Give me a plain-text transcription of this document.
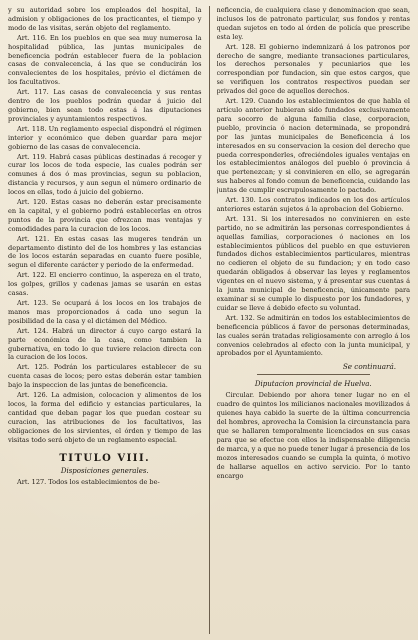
y su autoridad sobre los empleados del hospital, la admision y obligaciones de los practicantes, el tiempo y modo de las visitas, serán objeto del reglamento.

Art. 116. En los pueblos en que sea muy numerosa la hospitalidad pública, las juntas municipales de beneficencia podrán establecer fuera de la poblacion casas de convalecencia, á las que se conducirán los convalecientes de los hospitales, prévio el dictámen de los facultativos.

Art. 117. Las casas de convalecencia y sus rentas dentro de los pueblos podrán quedar á juicio del gobierno, bien sean todo estas á las diputaciones provinciales y ayuntamientos respectivos.

Art. 118. Un reglamento especial dispondrá el régimen interior y económico que deben guardar para mejor gobierno de las casas de convalecencia.

Art. 119. Habrá casas públicas destinadas á recoger y curar los locos de toda especie, las cuales podrán ser comunes á dos ó mas provincias, segun su poblacion, distancia y recursos, y aun segun el número ordinario de locos en ellas, todo á juicio del gobierno.

Art. 120. Estas casas no deberán estar precisamente en la capital, y el gobierno podrá establecerlas en otros puntos de la provincia que ofrezcan mas ventajas y comodidades para la curacion de los locos.

Art. 121. En estas casas las mugeres tendrán un departamento distinto del de los hombres y las estancias de los locos estarán separadas en cuanto fuere posible, segun el diferente carácter y periodo de la enfermedad.

Art. 122. El encierro continuo, la aspereza en el trato, los golpes, grillos y cadenas jamas se usarán en estas casas.

Art. 123. Se ocupará á los locos en los trabajos de manos mas proporcionados á cada uno segun la posibilidad de la casa y el dictámen del Médico.

Art. 124. Habrá un director á cuyo cargo estará la parte económica de la casa, como tambien la gubernativa, en todo lo que tuviere relacion directa con la curacion de los locos.

Art. 125. Podrán los particulares establecer de su cuenta casas de locos; pero estas deberán estar tambien bajo la inspeccion de las juntas de beneficencia.

Art. 126. La admision, colocacion y alimentos de los locos, la forma del edificio y estancias particulares, la cantidad que deban pagar los que puedan costear su curacion, las atribuciones de los facultativos, las obligaciones de los sirvientes, el órden y tiempo de las visitas todo será objeto de un reglamento especial.

TITULO VIII.
Disposiciones generales.

Art. 127. Todos los establecimientos de be-

neficencia, de cualquiera clase y denominacion que sean, inclusos los de patronato particular, sus fondos y rentas quedan sujetos en todo al órden de policía que prescribe esta ley.

Art. 128. El gobierno indemnizará á los patronos por derecho de sangre, mediante transaciones particulares, los derechos personales y pecuniarios que les correspondian por fundacion, sin que estos cargos, que se verifiquen los contratos respectivos puedan ser privados del goce de aquellos derechos.

Art. 129. Cuando los establecimientos de que habla el artículo anterior hubieran sido fundados exclusivamente para socorro de alguna familia clase, corporacion, pueblo, provincia ó nacion determinada, se propondrá por las juntas municipales de Beneficencia á los interesados en su conservacion la cesion del derecho que pueda corresponderles, ofreciéndoles iguales ventajas en los establecimientos análogos del pueblo ó provincia á que pertenezcan; y si convinieren en ello, se agregarán sus haberes al fondo comun de beneficencia, cuidando las juntas de cumplir escrupulosamente lo pactado.

Art. 130. Los contratos indicados en los dos artículos anteriores estarán sujetos á la aprobacion del Gobierno.

Art. 131. Si los interesados no convinieren en este partido, no se admitirán las personas correspondientes á aquellas familias, corporaciones ó naciones en los establecimientos públicos del pueblo en que estuvieren fundados dichos establecimientos particulares, mientras no cedieren el objeto de su fundacion; y en todo caso quedarán obligados á observar las leyes y reglamentos vigentes en el nuevo sistema, y á presentar sus cuentas á la junta municipal de beneficencia, únicamente para examinar si se cumple lo dispuesto por los fundadores, y cuidar se lleve á debido efecto su voluntad.

Art. 132. Se admitirán en todos los establecimientos de beneficencia públicos á favor de personas determinadas, las cuales serán tratadas religiosamente con arreglo á los convenios celebrados al efecto con la junta municipal, y aprobados por el Ayuntamiento.

Se continuará.
Diputacion provincial de Huelva.

Circular. Debiendo por ahora tener lugar no en el cuadro de quintos los milicianos nacionales movilizados á quienes haya cabido la suerte de la última concurrencia del hombres, aprovecha la Comision la circunstancia para que se hallaren temporalmente licenciados en sus casas para que se efectue con ellos la indispensable diligencia de marca, y a que no puede tener lugar á presencia de los mozos interesados cuando se cumpla la quinta, ó motivo de hallarse aquellos en activo servicio. Por lo tanto encargo
